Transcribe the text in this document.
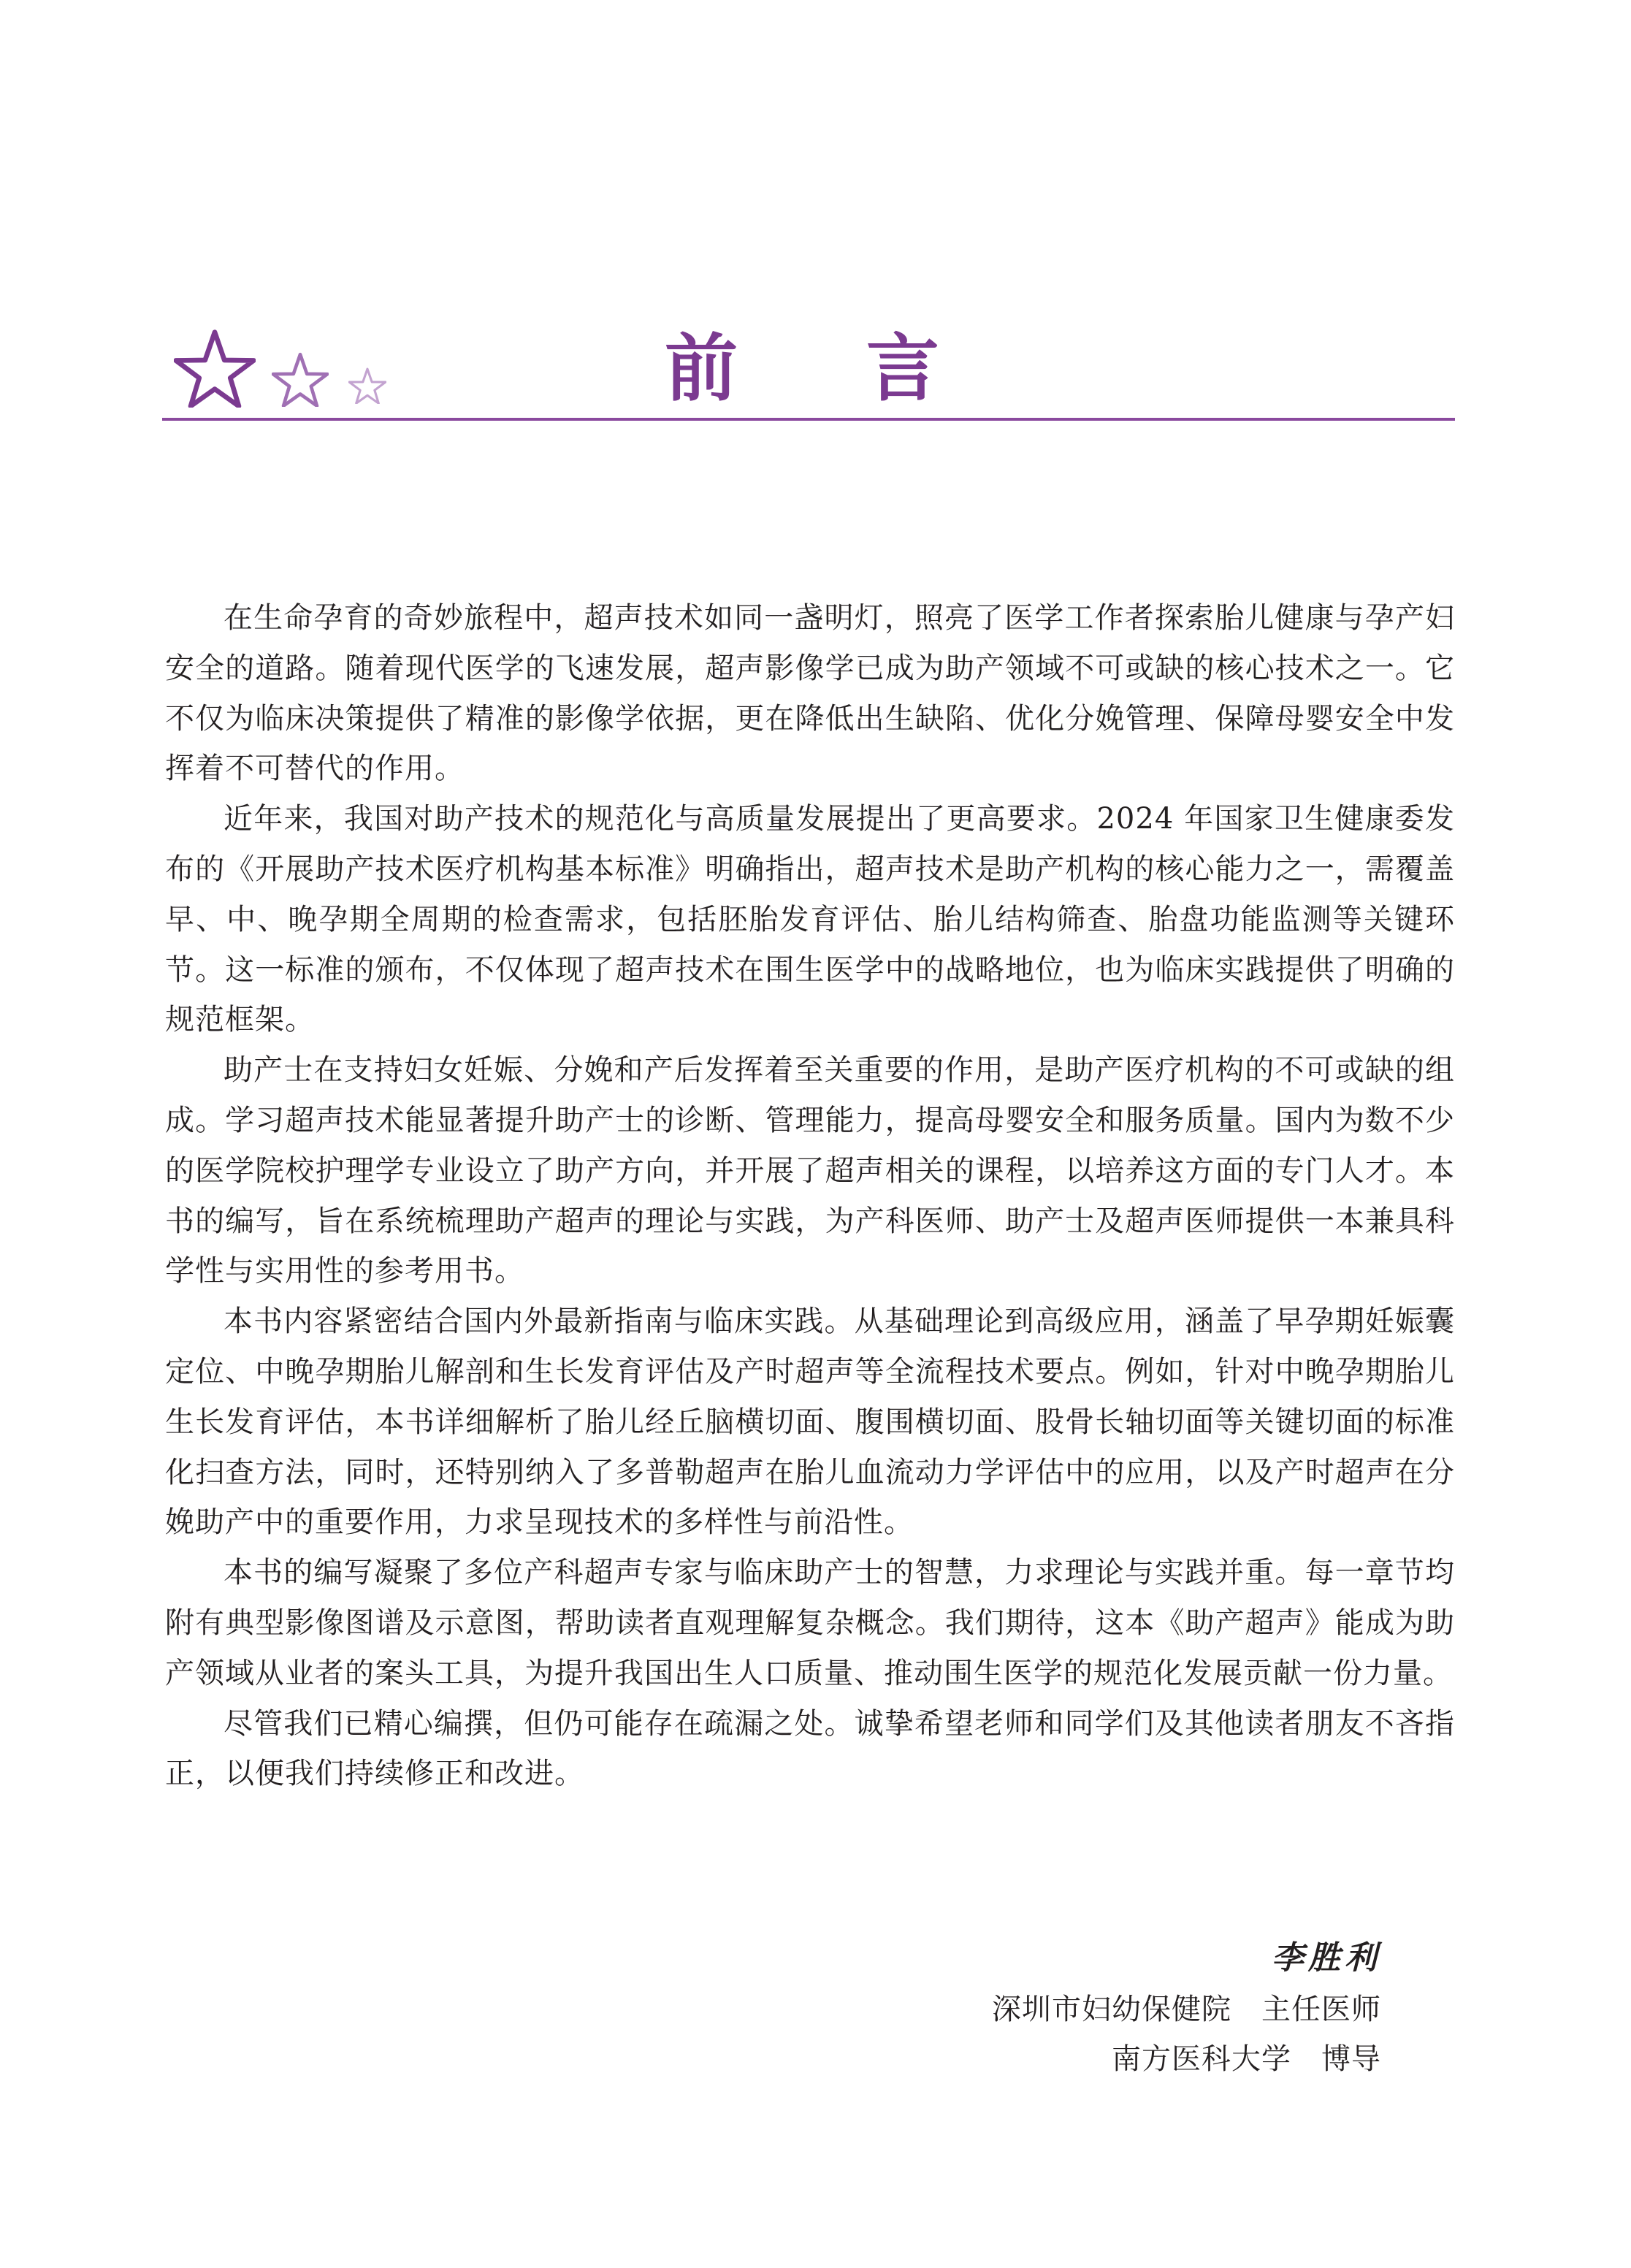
前言

在生命孕育的奇妙旅程中，超声技术如同一盏明灯，照亮了医学工作者探索胎儿健康与孕产妇安全的道路。随着现代医学的飞速发展，超声影像学已成为助产领域不可或缺的核心技术之一。它不仅为临床决策提供了精准的影像学依据，更在降低出生缺陷、优化分娩管理、保障母婴安全中发挥着不可替代的作用。

近年来，我国对助产技术的规范化与高质量发展提出了更高要求。2024 年国家卫生健康委发布的《开展助产技术医疗机构基本标准》明确指出，超声技术是助产机构的核心能力之一，需覆盖早、中、晚孕期全周期的检查需求，包括胚胎发育评估、胎儿结构筛查、胎盘功能监测等关键环节。这一标准的颁布，不仅体现了超声技术在围生医学中的战略地位，也为临床实践提供了明确的规范框架。

助产士在支持妇女妊娠、分娩和产后发挥着至关重要的作用，是助产医疗机构的不可或缺的组成。学习超声技术能显著提升助产士的诊断、管理能力，提高母婴安全和服务质量。国内为数不少的医学院校护理学专业设立了助产方向，并开展了超声相关的课程，以培养这方面的专门人才。本书的编写，旨在系统梳理助产超声的理论与实践，为产科医师、助产士及超声医师提供一本兼具科学性与实用性的参考用书。

本书内容紧密结合国内外最新指南与临床实践。从基础理论到高级应用，涵盖了早孕期妊娠囊定位、中晚孕期胎儿解剖和生长发育评估及产时超声等全流程技术要点。例如，针对中晚孕期胎儿生长发育评估，本书详细解析了胎儿经丘脑横切面、腹围横切面、股骨长轴切面等关键切面的标准化扫查方法，同时，还特别纳入了多普勒超声在胎儿血流动力学评估中的应用，以及产时超声在分娩助产中的重要作用，力求呈现技术的多样性与前沿性。

本书的编写凝聚了多位产科超声专家与临床助产士的智慧，力求理论与实践并重。每一章节均附有典型影像图谱及示意图，帮助读者直观理解复杂概念。我们期待，这本《助产超声》能成为助产领域从业者的案头工具，为提升我国出生人口质量、推动围生医学的规范化发展贡献一份力量。

尽管我们已精心编撰，但仍可能存在疏漏之处。诚挚希望老师和同学们及其他读者朋友不吝指正，以便我们持续修正和改进。

李胜利
深圳市妇幼保健院　主任医师
南方医科大学　博导
